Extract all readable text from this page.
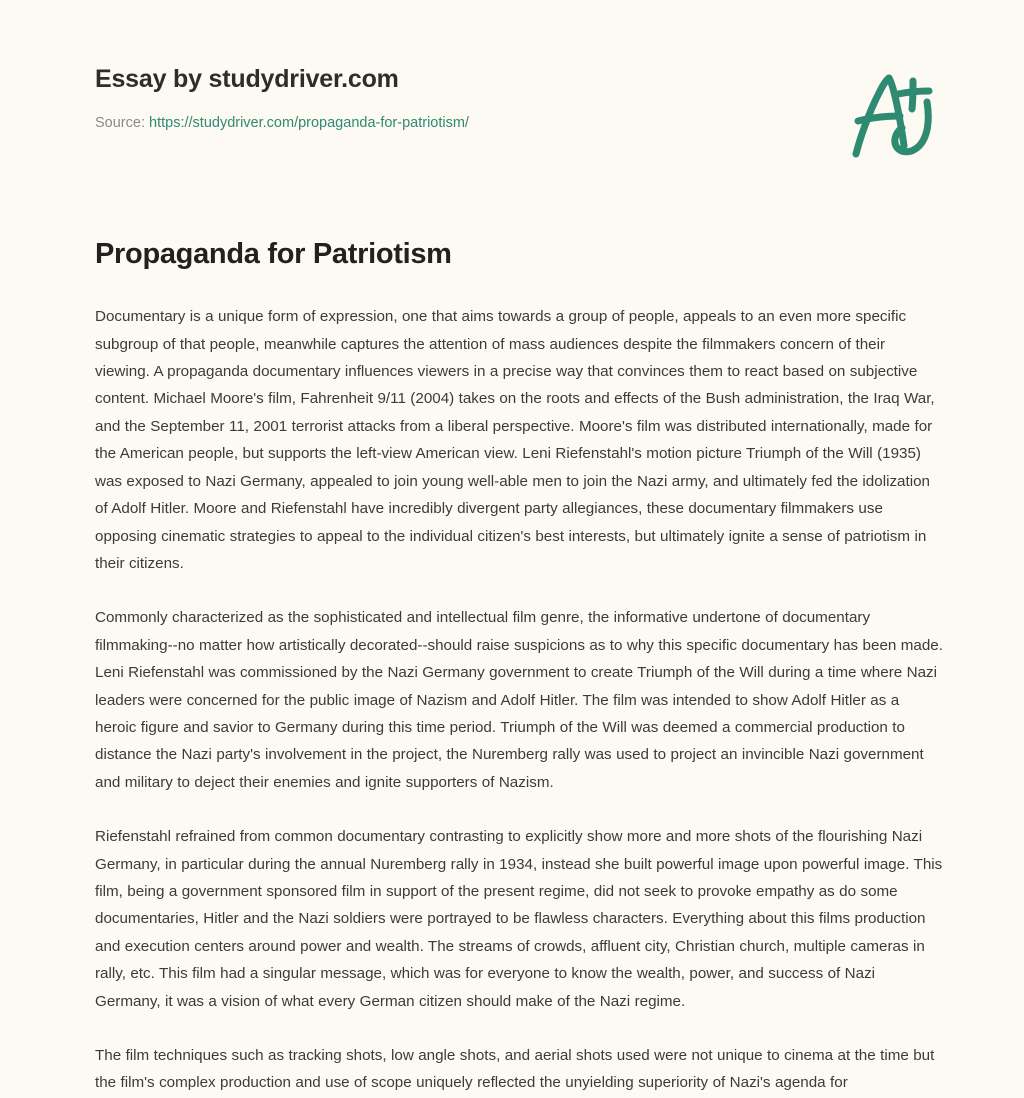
Essay by studydriver.com
Source: https://studydriver.com/propaganda-for-patriotism/
Propaganda for Patriotism

Documentary is a unique form of expression, one that aims towards a group of people, appeals to an even more specific subgroup of that people, meanwhile captures the attention of mass audiences despite the filmmakers concern of their viewing. A propaganda documentary influences viewers in a precise way that convinces them to react based on subjective content. Michael Moore's film, Fahrenheit 9/11 (2004) takes on the roots and effects of the Bush administration, the Iraq War, and the September 11, 2001 terrorist attacks from a liberal perspective. Moore's film was distributed internationally, made for the American people, but supports the left-view American view. Leni Riefenstahl's motion picture Triumph of the Will (1935) was exposed to Nazi Germany, appealed to join young well-able men to join the Nazi army, and ultimately fed the idolization of Adolf Hitler. Moore and Riefenstahl have incredibly divergent party allegiances, these documentary filmmakers use opposing cinematic strategies to appeal to the individual citizen's best interests, but ultimately ignite a sense of patriotism in their citizens.

Commonly characterized as the sophisticated and intellectual film genre, the informative undertone of documentary filmmaking--no matter how artistically decorated--should raise suspicions as to why this specific documentary has been made. Leni Riefenstahl was commissioned by the Nazi Germany government to create Triumph of the Will during a time where Nazi leaders were concerned for the public image of Nazism and Adolf Hitler. The film was intended to show Adolf Hitler as a heroic figure and savior to Germany during this time period. Triumph of the Will was deemed a commercial production to distance the Nazi party's involvement in the project, the Nuremberg rally was used to project an invincible Nazi government and military to deject their enemies and ignite supporters of Nazism.

Riefenstahl refrained from common documentary contrasting to explicitly show more and more shots of the flourishing Nazi Germany, in particular during the annual Nuremberg rally in 1934, instead she built powerful image upon powerful image. This film, being a government sponsored film in support of the present regime, did not seek to provoke empathy as do some documentaries, Hitler and the Nazi soldiers were portrayed to be flawless characters. Everything about this films production and execution centers around power and wealth. The streams of crowds, affluent city, Christian church, multiple cameras in rally, etc. This film had a singular message, which was for everyone to know the wealth, power, and success of Nazi Germany, it was a vision of what every German citizen should make of the Nazi regime.

The film techniques such as tracking shots, low angle shots, and aerial shots used were not unique to cinema at the time but the film's complex production and use of scope uniquely reflected the unyielding superiority of Nazi's agenda for
